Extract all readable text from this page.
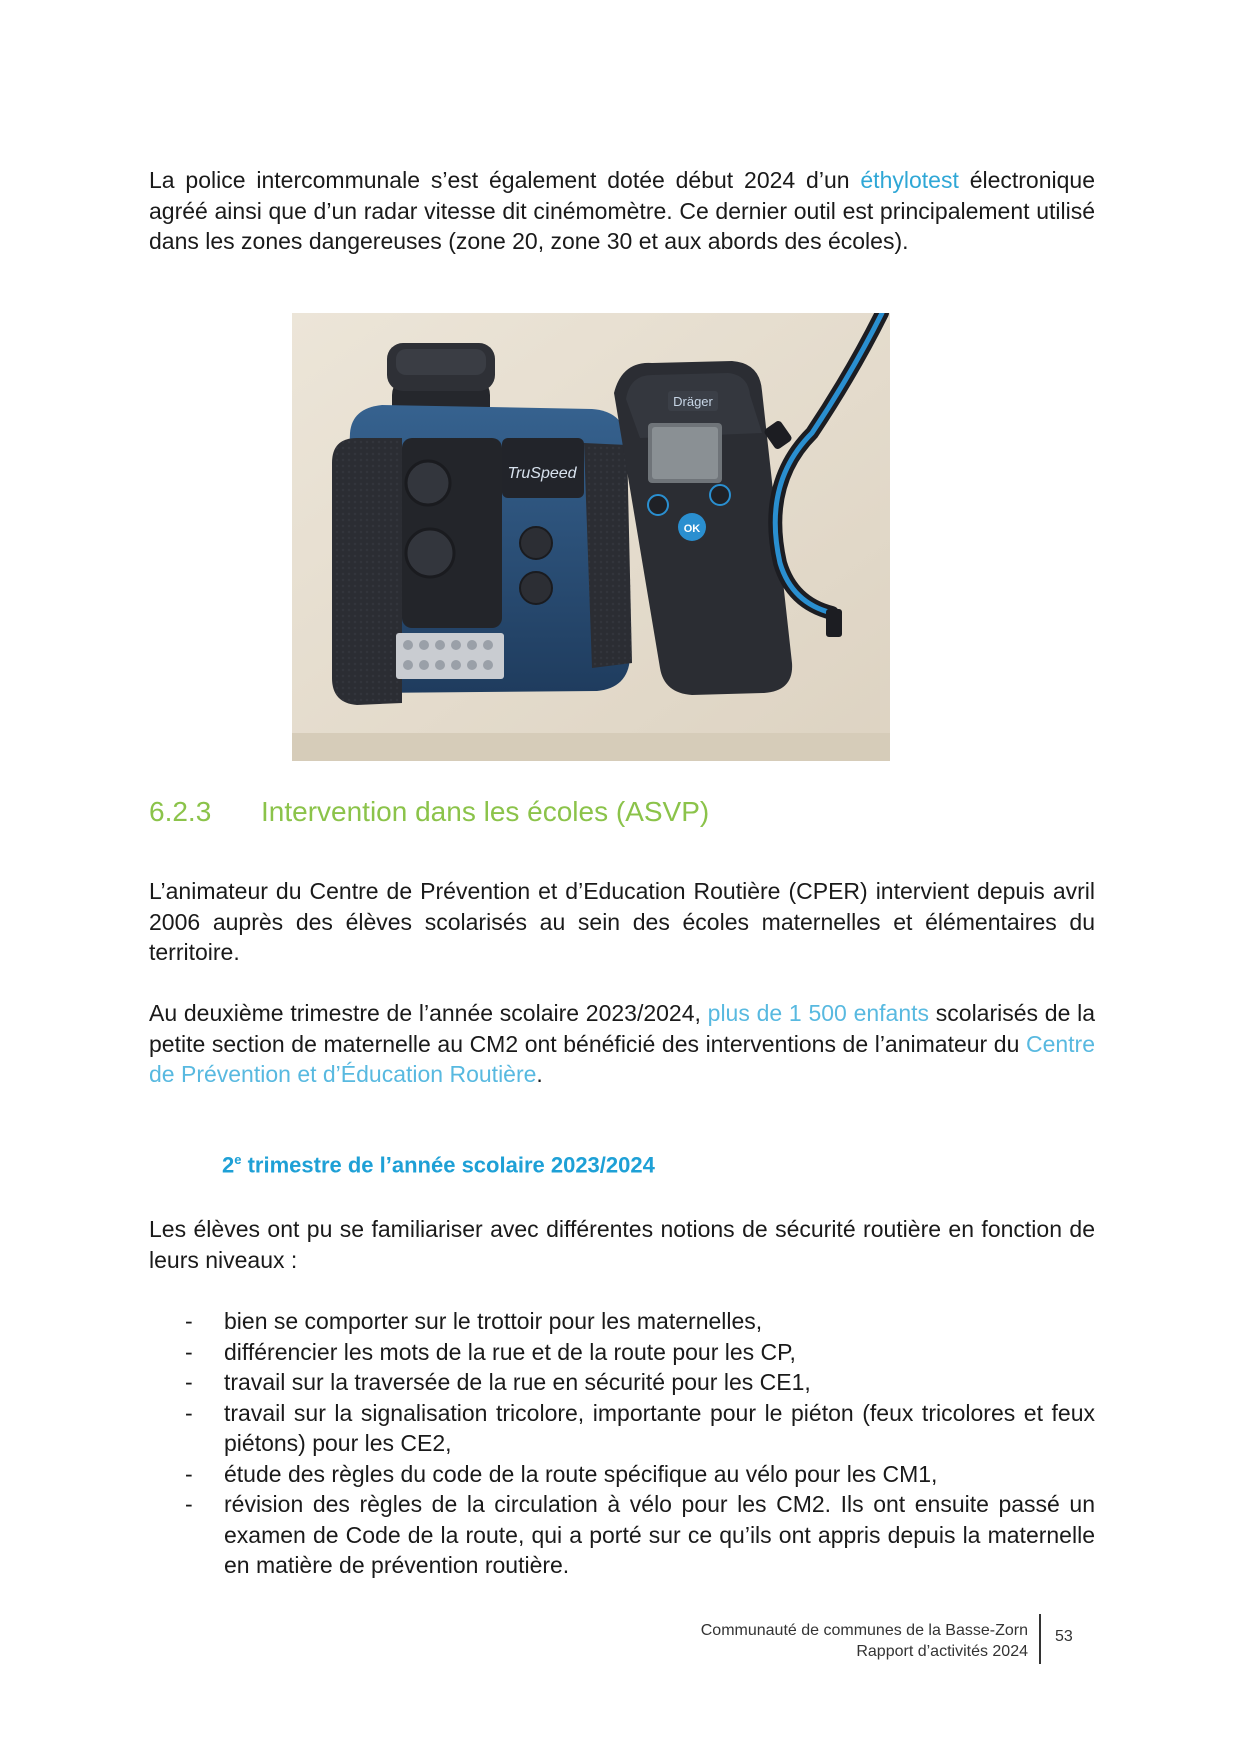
La police intercommunale s’est également dotée début 2024 d’un éthylotest électronique agréé ainsi que d’un radar vitesse dit cinémomètre. Ce dernier outil est principalement utilisé dans les zones dangereuses (zone 20, zone 30 et aux abords des écoles).

TruSpeed
Dräger
OK
6.2.3 Intervention dans les écoles (ASVP)

L’animateur du Centre de Prévention et d’Education Routière (CPER) intervient depuis avril 2006 auprès des élèves scolarisés au sein des écoles maternelles et élémentaires du territoire.

Au deuxième trimestre de l’année scolaire 2023/2024, plus de 1 500 enfants scolarisés de la petite section de maternelle au CM2 ont bénéficié des interventions de l’animateur du Centre de Prévention et d’Éducation Routière.

2e trimestre de l’année scolaire 2023/2024

Les élèves ont pu se familiariser avec différentes notions de sécurité routière en fonction de leurs niveaux :

- bien se comporter sur le trottoir pour les maternelles,
- différencier les mots de la rue et de la route pour les CP,
- travail sur la traversée de la rue en sécurité pour les CE1,
- travail sur la signalisation tricolore, importante pour le piéton (feux tricolores et feux piétons) pour les CE2,
- étude des règles du code de la route spécifique au vélo pour les CM1,
- révision des règles de la circulation à vélo pour les CM2. Ils ont ensuite passé un examen de Code de la route, qui a porté sur ce qu’ils ont appris depuis la maternelle en matière de prévention routière.
Communauté de communes de la Basse-Zorn
Rapport d’activités 2024
53
